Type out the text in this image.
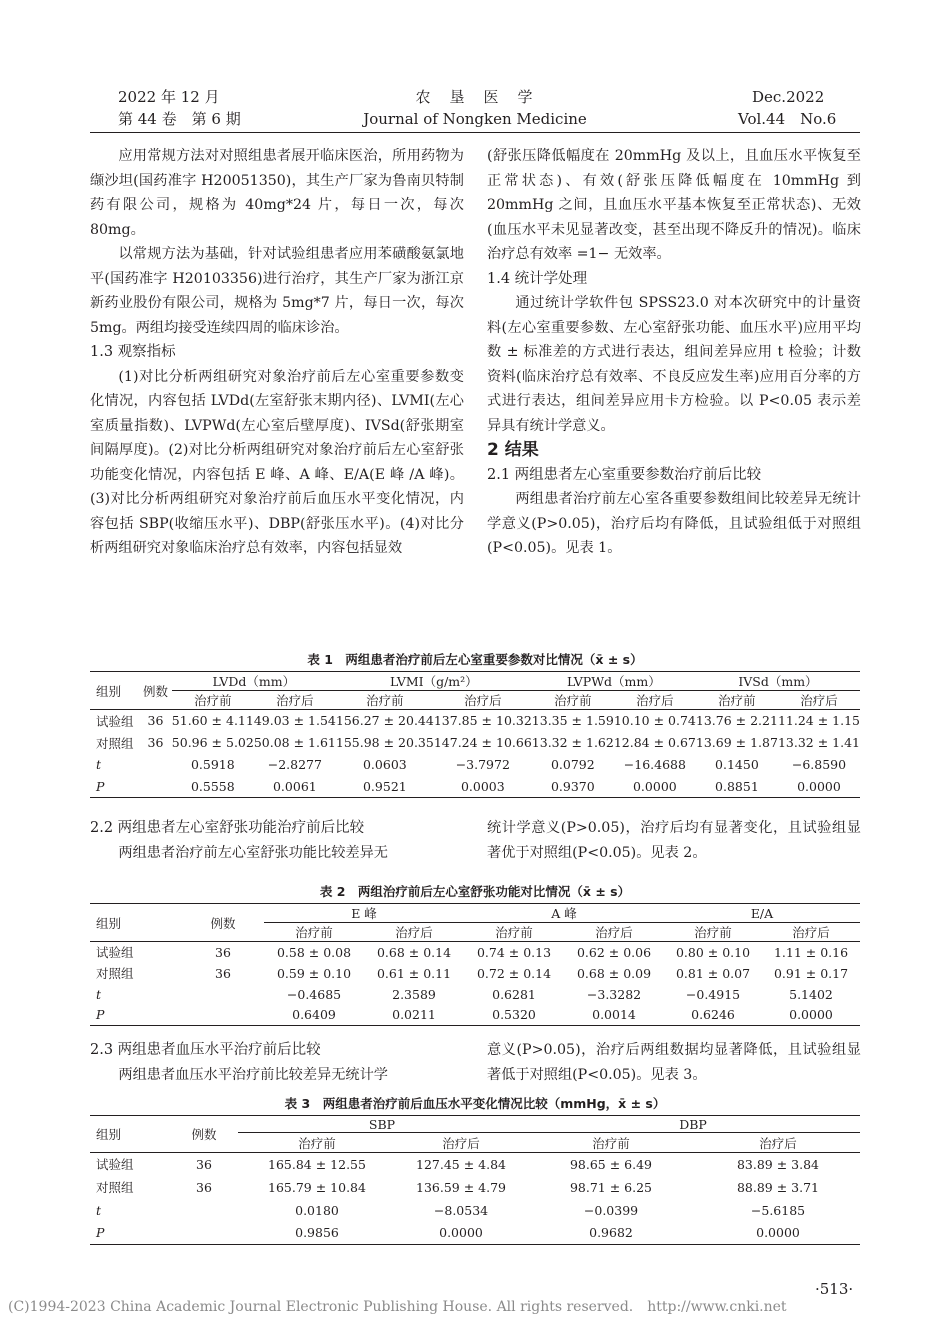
2022 年 12 月
第 44 卷　第 6 期
农　垦　医　学
Journal of Nongken Medicine
Dec.2022
Vol.44　No.6

应用常规方法对对照组患者展开临床医治，所用药物为缬沙坦(国药准字 H20051350)，其生产厂家为鲁南贝特制药有限公司，规格为 40mg*24 片，每日一次，每次 80mg。

以常规方法为基础，针对试验组患者应用苯磺酸氨氯地平(国药准字 H20103356)进行治疗，其生产厂家为浙江京新药业股份有限公司，规格为 5mg*7 片，每日一次，每次 5mg。两组均接受连续四周的临床诊治。

1.3 观察指标

(1)对比分析两组研究对象治疗前后左心室重要参数变化情况，内容包括 LVDd(左室舒张末期内径)、LVMI(左心室质量指数)、LVPWd(左心室后壁厚度)、IVSd(舒张期室间隔厚度)。(2)对比分析两组研究对象治疗前后左心室舒张功能变化情况，内容包括 E 峰、A 峰、E/A(E 峰 /A 峰)。(3)对比分析两组研究对象治疗前后血压水平变化情况，内容包括 SBP(收缩压水平)、DBP(舒张压水平)。(4)对比分析两组研究对象临床治疗总有效率，内容包括显效

(舒张压降低幅度在 20mmHg 及以上，且血压水平恢复至正常状态)、有效(舒张压降低幅度在 10mmHg 到 20mmHg 之间，且血压水平基本恢复至正常状态)、无效(血压水平未见显著改变，甚至出现不降反升的情况)。临床治疗总有效率 =1− 无效率。

1.4 统计学处理

通过统计学软件包 SPSS23.0 对本次研究中的计量资料(左心室重要参数、左心室舒张功能、血压水平)应用平均数 ± 标准差的方式进行表达，组间差异应用 t 检验；计数资料(临床治疗总有效率、不良反应发生率)应用百分率的方式进行表达，组间差异应用卡方检验。以 P<0.05 表示差异具有统计学意义。

2 结果

2.1 两组患者左心室重要参数治疗前后比较

两组患者治疗前左心室各重要参数组间比较差异无统计学意义(P>0.05)，治疗后均有降低，且试验组低于对照组(P<0.05)。见表 1。

表 1　两组患者治疗前后左心室重要参数对比情况（x̄ ± s）
组别	例数	LVDd（mm）		LVMI（g/m²）		LVPWd（mm）		IVSd（mm）	
		治疗前	治疗后	治疗前	治疗后	治疗前	治疗后	治疗前	治疗后
试验组	36	51.60 ± 4.11	49.03 ± 1.54	156.27 ± 20.44	137.85 ± 10.32	13.35 ± 1.59	10.10 ± 0.74	13.76 ± 2.21	11.24 ± 1.15
对照组	36	50.96 ± 5.02	50.08 ± 1.61	155.98 ± 20.35	147.24 ± 10.66	13.32 ± 1.62	12.84 ± 0.67	13.69 ± 1.87	13.32 ± 1.41
t		0.5918	−2.8277	0.0603	−3.7972	0.0792	−16.4688	0.1450	−6.8590
P		0.5558	0.0061	0.9521	0.0003	0.9370	0.0000	0.8851	0.0000

2.2 两组患者左心室舒张功能治疗前后比较

两组患者治疗前左心室舒张功能比较差异无

统计学意义(P>0.05)，治疗后均有显著变化，且试验组显著优于对照组(P<0.05)。见表 2。

表 2　两组治疗前后左心室舒张功能对比情况（x̄ ± s）
组别	例数	E 峰		A 峰		E/A	
		治疗前	治疗后	治疗前	治疗后	治疗前	治疗后
试验组	36	0.58 ± 0.08	0.68 ± 0.14	0.74 ± 0.13	0.62 ± 0.06	0.80 ± 0.10	1.11 ± 0.16
对照组	36	0.59 ± 0.10	0.61 ± 0.11	0.72 ± 0.14	0.68 ± 0.09	0.81 ± 0.07	0.91 ± 0.17
t		−0.4685	2.3589	0.6281	−3.3282	−0.4915	5.1402
P		0.6409	0.0211	0.5320	0.0014	0.6246	0.0000

2.3 两组患者血压水平治疗前后比较

两组患者血压水平治疗前比较差异无统计学

意义(P>0.05)，治疗后两组数据均显著降低，且试验组显著低于对照组(P<0.05)。见表 3。

表 3　两组患者治疗前后血压水平变化情况比较（mmHg，x̄ ± s）
组别	例数	SBP		DBP	
		治疗前	治疗后	治疗前	治疗后
试验组	36	165.84 ± 12.55	127.45 ± 4.84	98.65 ± 6.49	83.89 ± 3.84
对照组	36	165.79 ± 10.84	136.59 ± 4.79	98.71 ± 6.25	88.89 ± 3.71
t		0.0180	−8.0534	−0.0399	−5.6185
P		0.9856	0.0000	0.9682	0.0000
·513·
(C)1994-2023 China Academic Journal Electronic Publishing House. All rights reserved.　http://www.cnki.net
